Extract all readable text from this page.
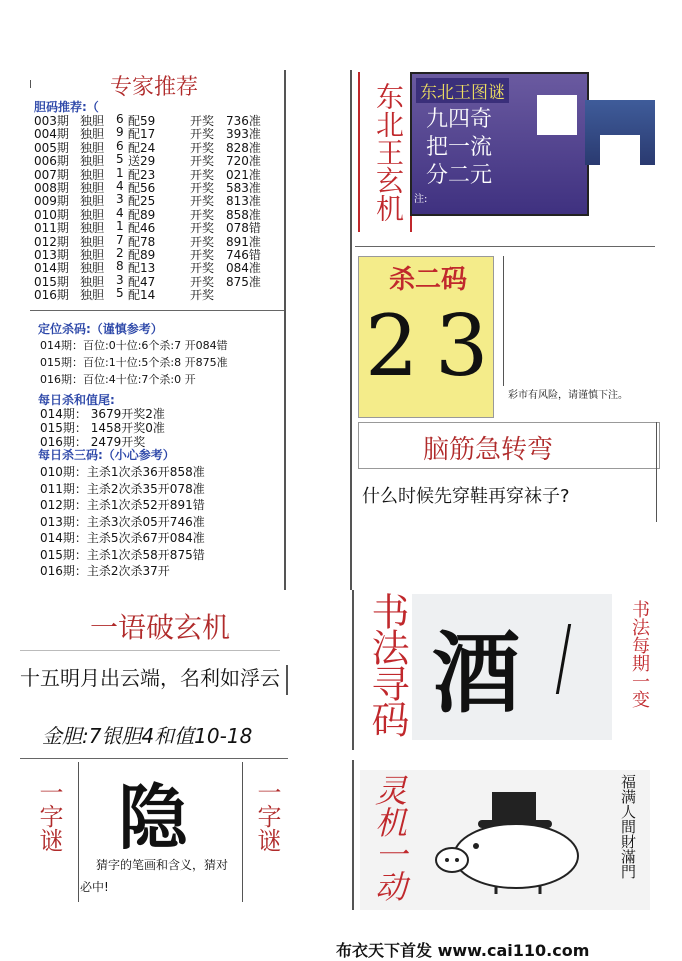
专家推荐
胆码推荐:（
003期 独胆 6 配59	开奖 736准
004期 独胆 9 配17	开奖 393准
005期 独胆 6 配24	开奖 828准
006期 独胆 5 送29	开奖 720准
007期 独胆 1 配23	开奖 021准
008期 独胆 4 配56	开奖 583准
009期 独胆 3 配25	开奖 813准
010期 独胆 4 配89	开奖 858准
011期 独胆 1 配46	开奖 078错
012期 独胆 7 配78	开奖 891准
013期 独胆 2 配89	开奖 746错
014期 独胆 8 配13	开奖 084准
015期 独胆 3 配47	开奖 875准
016期 独胆 5 配14	开奖
定位杀码:（谨慎参考）
014期：百位:0十位:6个杀:7 开084错
015期：百位:1十位:5个杀:8 开875准
016期：百位:4十位:7个杀:0 开
每日杀和值尾:
014期： 3679开奖2准
015期： 1458开奖0准
016期： 2479开奖
每日杀三码:（小心参考）
010期：主杀1次杀36开858准
011期：主杀2次杀35开078准
012期：主杀1次杀52开891错
013期：主杀3次杀05开746准
014期：主杀5次杀67开084准
015期：主杀1次杀58开875错
016期：主杀2次杀37开
一语破玄机
十五明月出云端，名利如浮云
金胆:7银胆4和值10-18
一字谜	一字谜
隐
猜字的笔画和含义，猜对
必中!
东北王玄机 东北王图谜
九四奇
把一流
分二元
注:
杀二码
2 3
彩市有风险，请谨慎下注。
脑筋急转弯
什么时候先穿鞋再穿袜子?
书法寻码 酒	书法每期一变
灵机一动	福满人間財滿門
布衣天下首发 www.cai110.com
